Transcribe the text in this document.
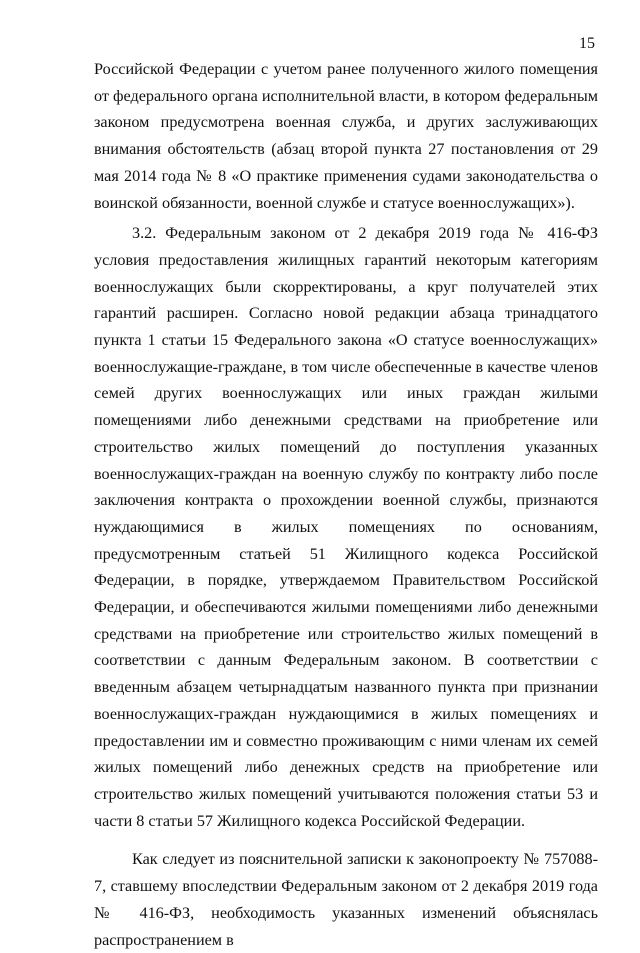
15

Российской Федерации с учетом ранее полученного жилого помещения от федерального органа исполнительной власти, в котором федеральным законом предусмотрена военная служба, и других заслуживающих внимания обстоятельств (абзац второй пункта 27 постановления от 29 мая 2014 года № 8 «О практике применения судами законодательства о воинской обязанности, военной службе и статусе военнослужащих»).

3.2. Федеральным законом от 2 декабря 2019 года № 416-ФЗ условия предоставления жилищных гарантий некоторым категориям военнослужащих были скорректированы, а круг получателей этих гарантий расширен. Согласно новой редакции абзаца тринадцатого пункта 1 статьи 15 Федерального закона «О статусе военнослужащих» военнослужащие-граждане, в том числе обеспеченные в качестве членов семей других военнослужащих или иных граждан жилыми помещениями либо денежными средствами на приобретение или строительство жилых помещений до поступления указанных военнослужащих-граждан на военную службу по контракту либо после заключения контракта о прохождении военной службы, признаются нуждающимися в жилых помещениях по основаниям, предусмотренным статьей 51 Жилищного кодекса Российской Федерации, в порядке, утверждаемом Правительством Российской Федерации, и обеспечиваются жилыми помещениями либо денежными средствами на приобретение или строительство жилых помещений в соответствии с данным Федеральным законом. В соответствии с введенным абзацем четырнадцатым названного пункта при признании военнослужащих-граждан нуждающимися в жилых помещениях и предоставлении им и совместно проживающим с ними членам их семей жилых помещений либо денежных средств на приобретение или строительство жилых помещений учитываются положения статьи 53 и части 8 статьи 57 Жилищного кодекса Российской Федерации.

Как следует из пояснительной записки к законопроекту № 757088-7, ставшему впоследствии Федеральным законом от 2 декабря 2019 года № 416-ФЗ, необходимость указанных изменений объяснялась распространением в
